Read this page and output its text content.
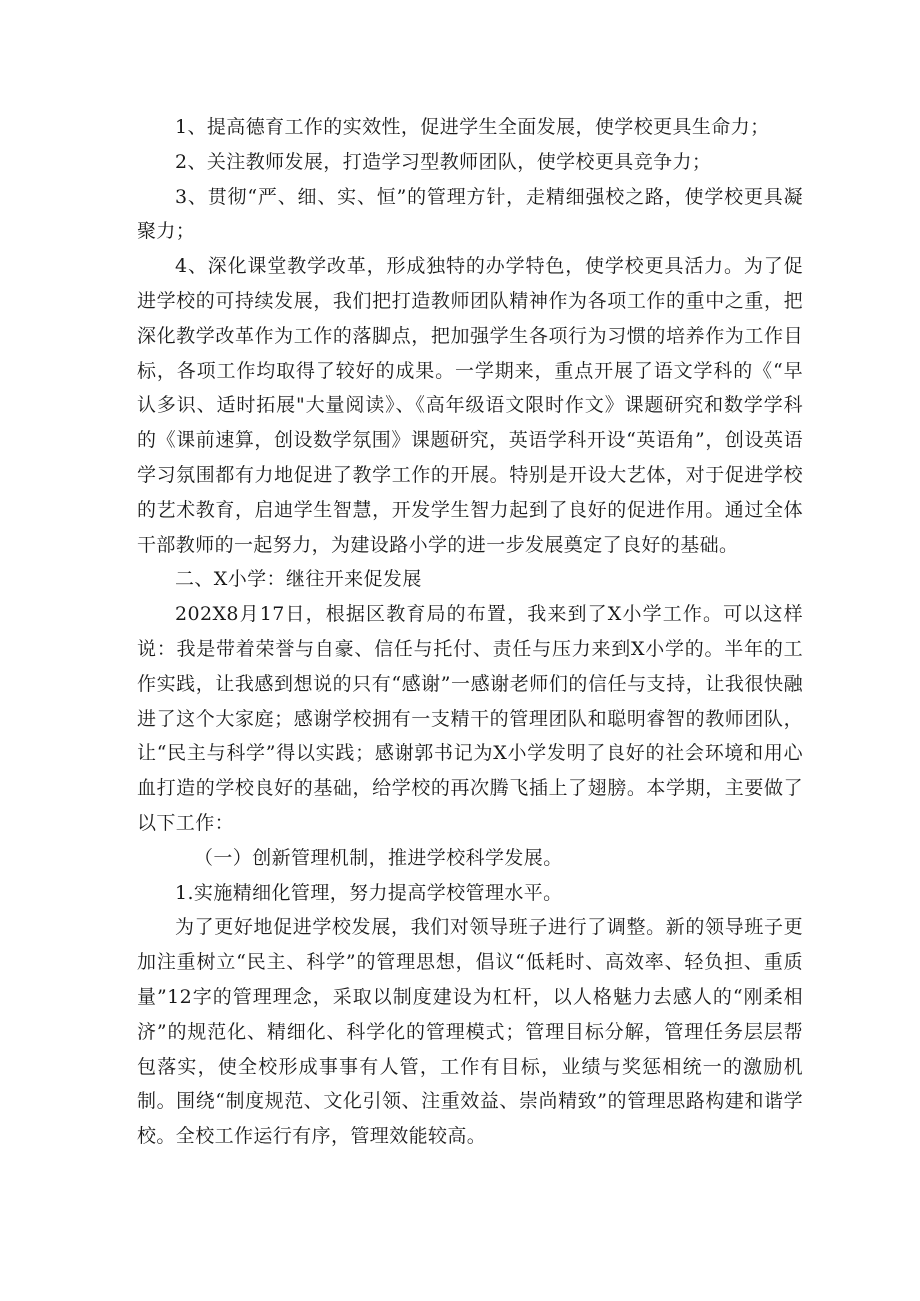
1、提高德育工作的实效性，促进学生全面发展，使学校更具生命力；

2、关注教师发展，打造学习型教师团队，使学校更具竞争力；

3、贯彻“严、细、实、恒”的管理方针，走精细强校之路，使学校更具凝聚力；

4、深化课堂教学改革，形成独特的办学特色，使学校更具活力。为了促进学校的可持续发展，我们把打造教师团队精神作为各项工作的重中之重，把深化教学改革作为工作的落脚点，把加强学生各项行为习惯的培养作为工作目标，各项工作均取得了较好的成果。一学期来，重点开展了语文学科的《“早认多识、适时拓展"大量阅读》、《高年级语文限时作文》课题研究和数学学科的《课前速算，创设数学氛围》课题研究，英语学科开设“英语角”，创设英语学习氛围都有力地促进了教学工作的开展。特别是开设大艺体，对于促进学校的艺术教育，启迪学生智慧，开发学生智力起到了良好的促进作用。通过全体干部教师的一起努力，为建设路小学的进一步发展奠定了良好的基础。

二、X小学：继往开来促发展

202X8月17日，根据区教育局的布置，我来到了X小学工作。可以这样说：我是带着荣誉与自豪、信任与托付、责任与压力来到X小学的。半年的工作实践，让我感到想说的只有“感谢”一感谢老师们的信任与支持，让我很快融进了这个大家庭；感谢学校拥有一支精干的管理团队和聪明睿智的教师团队，让“民主与科学”得以实践；感谢郭书记为X小学发明了良好的社会环境和用心血打造的学校良好的基础，给学校的再次腾飞插上了翅膀。本学期，主要做了以下工作：

（一）创新管理机制，推进学校科学发展。

1.实施精细化管理，努力提高学校管理水平。

为了更好地促进学校发展，我们对领导班子进行了调整。新的领导班子更加注重树立“民主、科学”的管理思想，倡议“低耗时、高效率、轻负担、重质量”12字的管理理念，采取以制度建设为杠杆，以人格魅力去感人的“刚柔相济”的规范化、精细化、科学化的管理模式；管理目标分解，管理任务层层帮包落实，使全校形成事事有人管，工作有目标，业绩与奖惩相统一的激励机制。围绕“制度规范、文化引领、注重效益、崇尚精致”的管理思路构建和谐学校。全校工作运行有序，管理效能较高。
